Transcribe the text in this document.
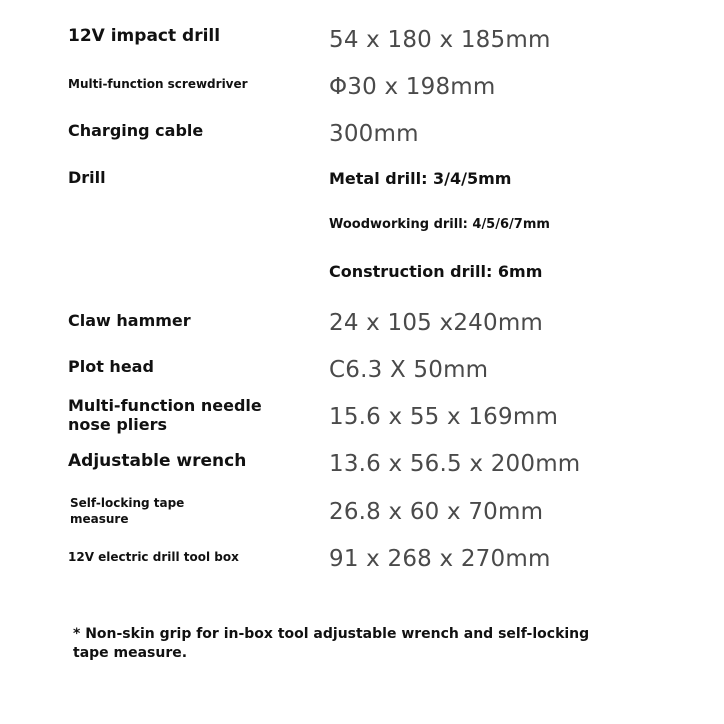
12V impact drill	54 x 180 x 185mm
Multi-function screwdriver	Φ30 x 198mm
Charging cable	300mm
Drill	Metal drill: 3/4/5mm
Woodworking drill: 4/5/6/7mm
Construction drill: 6mm
Claw hammer	24 x 105 x240mm
Plot head	C6.3 X 50mm
Multi-function needle nose pliers	15.6 x 55 x 169mm
Adjustable wrench	13.6 x 56.5 x 200mm
Self-locking tape measure	26.8 x 60 x 70mm
12V electric drill tool box	91 x 268 x 270mm
* Non-skin grip for in-box tool adjustable wrench and self-locking tape measure.
